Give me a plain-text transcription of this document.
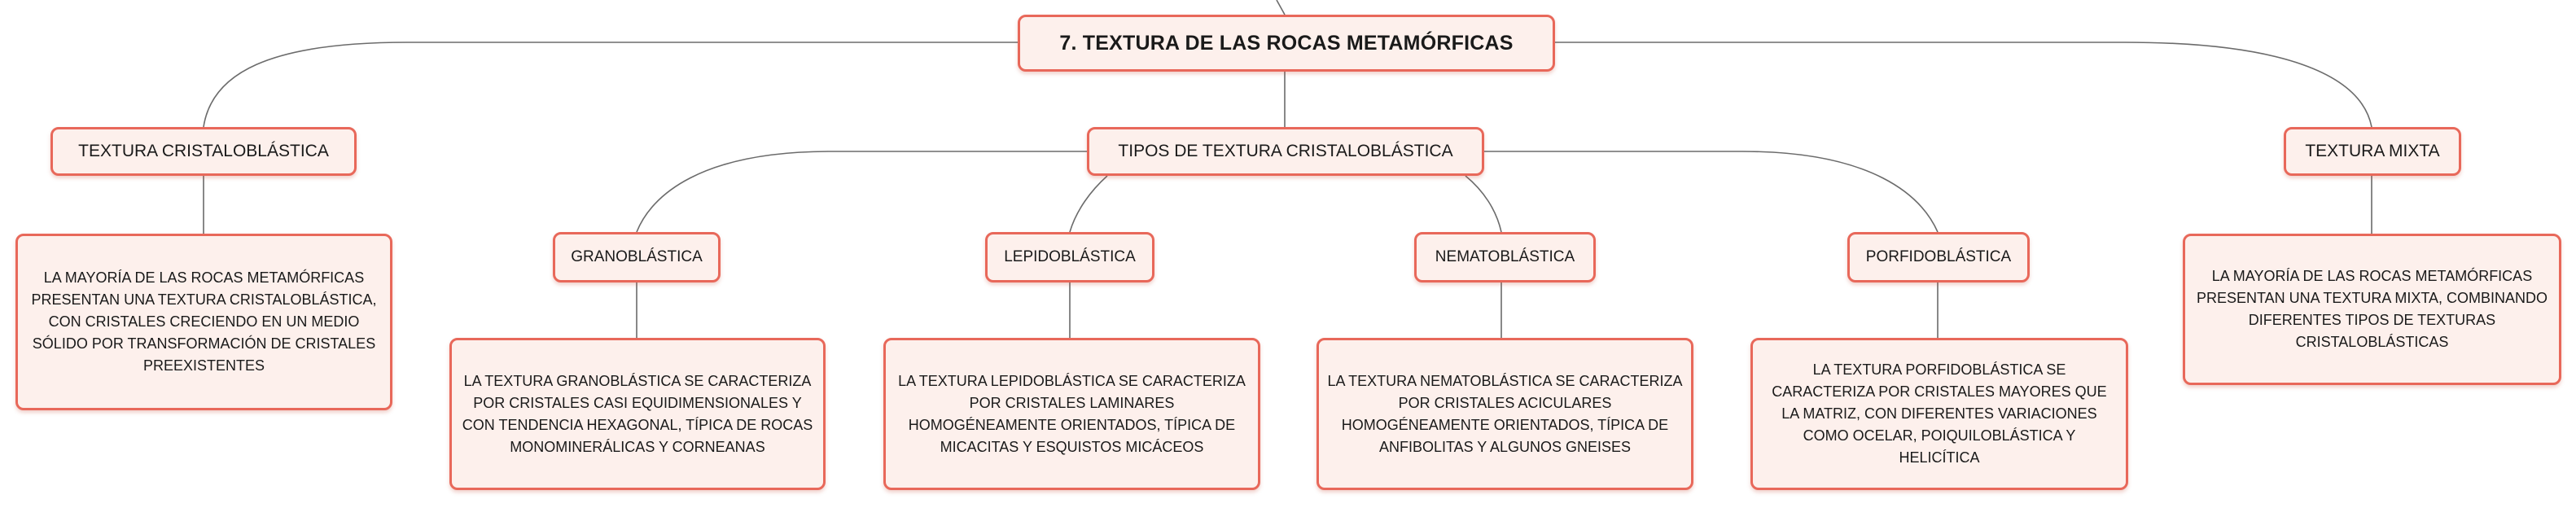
7. TEXTURA DE LAS ROCAS METAMÓRFICAS
TEXTURA CRISTALOBLÁSTICA
LA MAYORÍA DE LAS ROCAS METAMÓRFICAS PRESENTAN UNA TEXTURA CRISTALOBLÁSTICA, CON CRISTALES CRECIENDO EN UN MEDIO SÓLIDO POR TRANSFORMACIÓN DE CRISTALES PREEXISTENTES
TIPOS DE TEXTURA CRISTALOBLÁSTICA
GRANOBLÁSTICA
LA TEXTURA GRANOBLÁSTICA SE CARACTERIZA POR CRISTALES CASI EQUIDIMENSIONALES Y CON TENDENCIA HEXAGONAL, TÍPICA DE ROCAS MONOMINERÁLICAS Y CORNEANAS
LEPIDOBLÁSTICA
LA TEXTURA LEPIDOBLÁSTICA SE CARACTERIZA POR CRISTALES LAMINARES HOMOGÉNEAMENTE ORIENTADOS, TÍPICA DE MICACITAS Y ESQUISTOS MICÁCEOS
NEMATOBLÁSTICA
LA TEXTURA NEMATOBLÁSTICA SE CARACTERIZA POR CRISTALES ACICULARES HOMOGÉNEAMENTE ORIENTADOS, TÍPICA DE ANFIBOLITAS Y ALGUNOS GNEISES
PORFIDOBLÁSTICA
LA TEXTURA PORFIDOBLÁSTICA SE CARACTERIZA POR CRISTALES MAYORES QUE LA MATRIZ, CON DIFERENTES VARIACIONES COMO OCELAR, POIQUILOBLÁSTICA Y HELICÍTICA
TEXTURA MIXTA
LA MAYORÍA DE LAS ROCAS METAMÓRFICAS PRESENTAN UNA TEXTURA MIXTA, COMBINANDO DIFERENTES TIPOS DE TEXTURAS CRISTALOBLÁSTICAS
